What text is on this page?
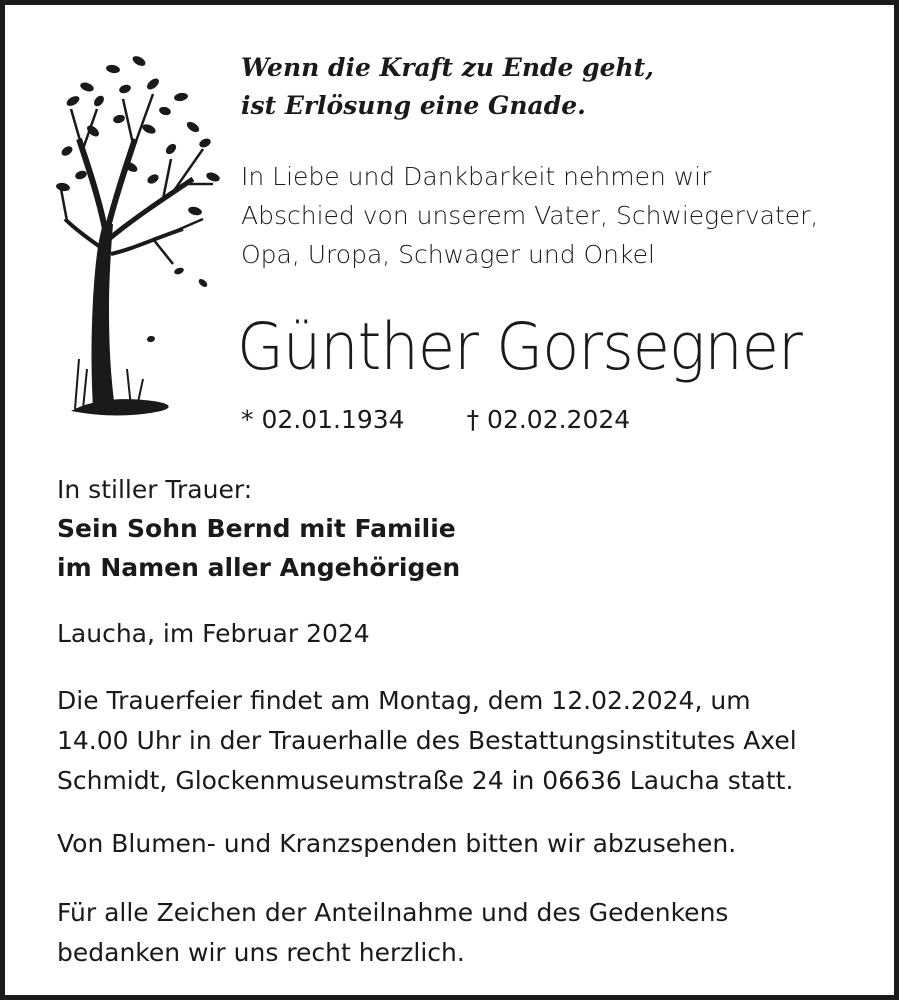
Wenn die Kraft zu Ende geht,
ist Erlösung eine Gnade.
In Liebe und Dankbarkeit nehmen wir
Abschied von unserem Vater, Schwiegervater,
Opa, Uropa, Schwager und Onkel
Günther Gorsegner
* 02.01.1934 † 02.02.2024
In stiller Trauer:
Sein Sohn Bernd mit Familie
im Namen aller Angehörigen
Laucha, im Februar 2024
Die Trauerfeier findet am Montag, dem 12.02.2024, um
14.00 Uhr in der Trauerhalle des Bestattungsinstitutes Axel
Schmidt, Glockenmuseumstraße 24 in 06636 Laucha statt.
Von Blumen- und Kranzspenden bitten wir abzusehen.
Für alle Zeichen der Anteilnahme und des Gedenkens
bedanken wir uns recht herzlich.
